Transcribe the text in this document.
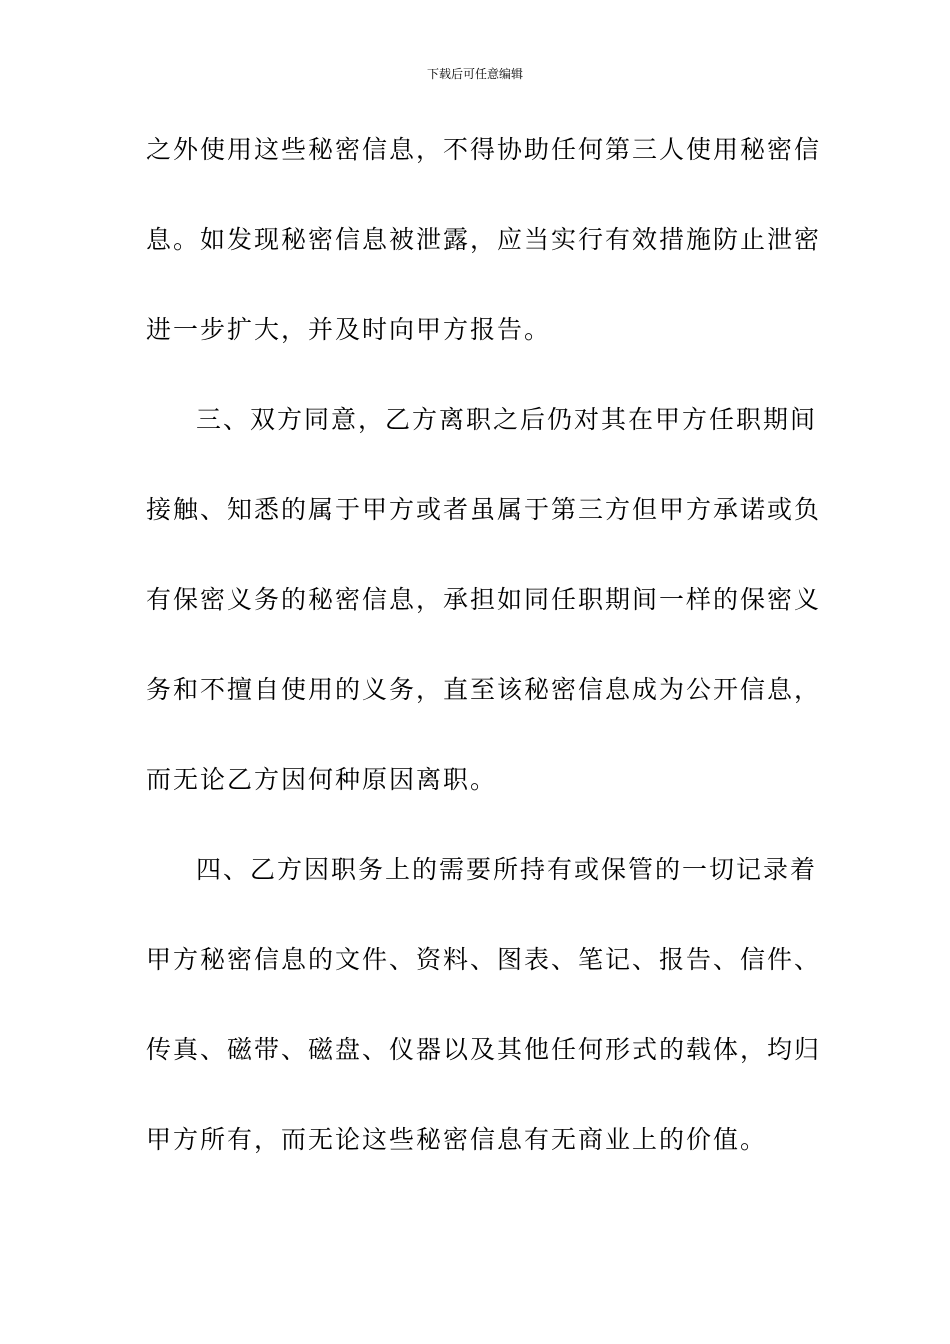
下载后可任意编辑
之外使用这些秘密信息，不得协助任何第三人使用秘密信
息。如发现秘密信息被泄露，应当实行有效措施防止泄密
进一步扩大，并及时向甲方报告。
三、双方同意，乙方离职之后仍对其在甲方任职期间
接触、知悉的属于甲方或者虽属于第三方但甲方承诺或负
有保密义务的秘密信息，承担如同任职期间一样的保密义
务和不擅自使用的义务，直至该秘密信息成为公开信息，
而无论乙方因何种原因离职。
四、乙方因职务上的需要所持有或保管的一切记录着
甲方秘密信息的文件、资料、图表、笔记、报告、信件、
传真、磁带、磁盘、仪器以及其他任何形式的载体，均归
甲方所有，而无论这些秘密信息有无商业上的价值。
